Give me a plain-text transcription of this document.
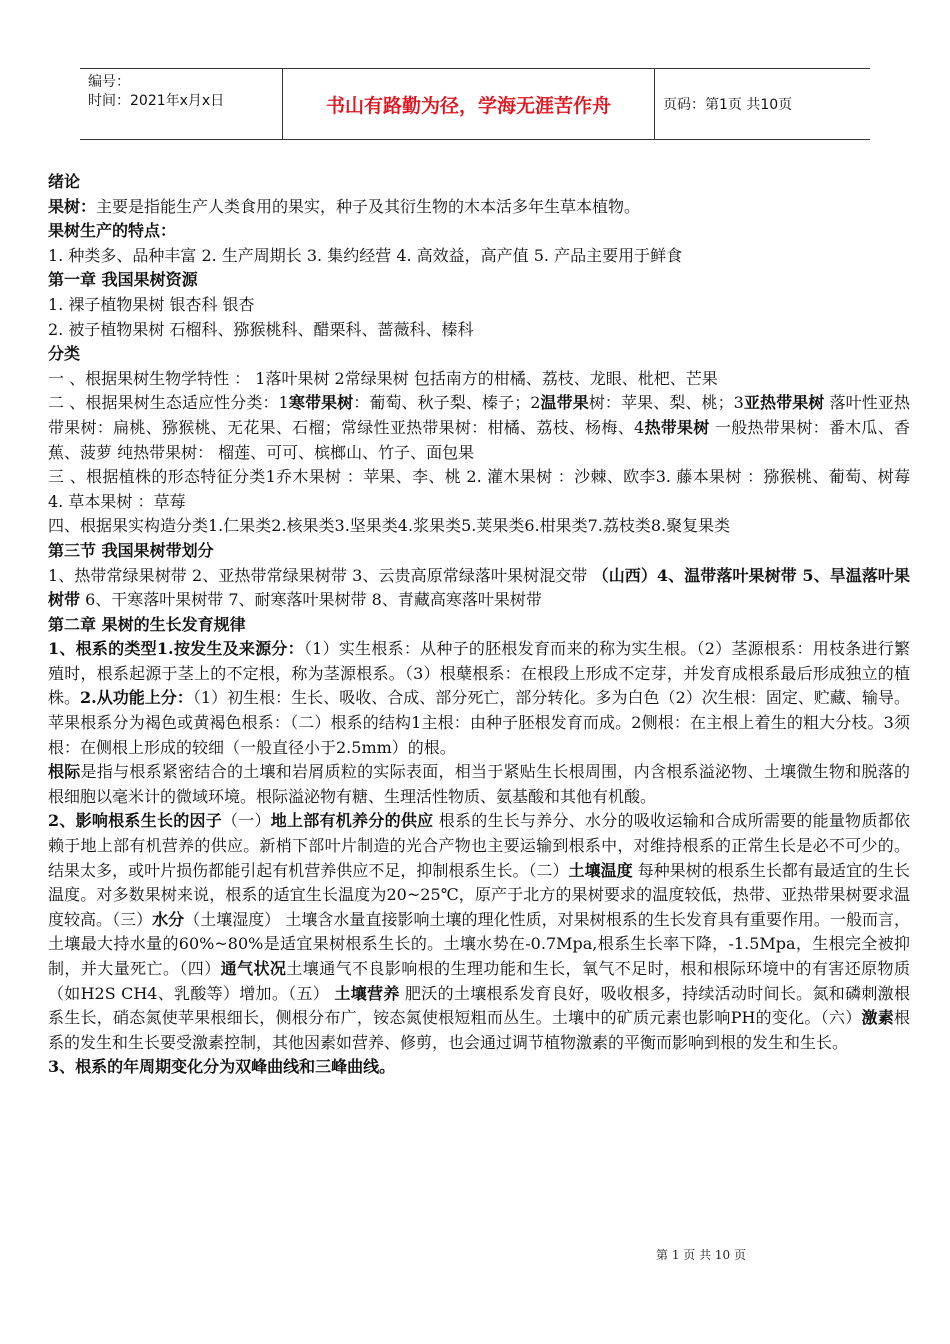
编号：
时间：2021年x月x日	书山有路勤为径，学海无涯苦作舟	页码：第1页 共10页

绪论

果树：主要是指能生产人类食用的果实，种子及其衍生物的木本活多年生草本植物。

果树生产的特点：

1. 种类多、品种丰富 2. 生产周期长 3. 集约经营 4. 高效益，高产值 5. 产品主要用于鲜食

第一章 我国果树资源

1. 裸子植物果树 银杏科 银杏

2. 被子植物果树 石榴科、猕猴桃科、醋栗科、蔷薇科、榛科

分类

一 、根据果树生物学特性 ： 1落叶果树 2常绿果树 包括南方的柑橘、荔枝、龙眼、枇杷、芒果

二 、根据果树生态适应性分类：1寒带果树：葡萄、秋子梨、榛子；2温带果树：苹果、梨、桃；3亚热带果树 落叶性亚热带果树：扁桃、猕猴桃、无花果、石榴；常绿性亚热带果树：柑橘、荔枝、杨梅、4热带果树 一般热带果树：番木瓜、香蕉、菠萝 纯热带果树： 榴莲、可可、槟榔山、竹子、面包果

三 、根据植株的形态特征分类1乔木果树 ：苹果、李、桃 2. 灌木果树 ：沙棘、欧李3. 藤本果树 ：猕猴桃、葡萄、树莓 4. 草本果树 ：草莓

四、根据果实构造分类1.仁果类2.核果类3.坚果类4.浆果类5.荚果类6.柑果类7.荔枝类8.聚复果类

第三节 我国果树带划分

1、热带常绿果树带 2、亚热带常绿果树带 3、云贵高原常绿落叶果树混交带 （山西）4、温带落叶果树带 5、旱温落叶果树带 6、干寒落叶果树带 7、耐寒落叶果树带 8、青藏高寒落叶果树带

第二章 果树的生长发育规律

1、根系的类型1.按发生及来源分：（1）实生根系：从种子的胚根发育而来的称为实生根。（2）茎源根系：用枝条进行繁殖时，根系起源于茎上的不定根，称为茎源根系。（3）根蘖根系：在根段上形成不定芽，并发育成根系最后形成独立的植株。2.从功能上分：（1）初生根：生长、吸收、合成、部分死亡，部分转化。多为白色（2）次生根：固定、贮藏、输导。苹果根系分为褐色或黄褐色根系：（二）根系的结构1主根：由种子胚根发育而成。2侧根：在主根上着生的粗大分枝。3须根：在侧根上形成的较细（一般直径小于2.5mm）的根。

根际是指与根系紧密结合的土壤和岩屑质粒的实际表面，相当于紧贴生长根周围，内含根系溢泌物、土壤微生物和脱落的根细胞以毫米计的微域环境。根际溢泌物有糖、生理活性物质、氨基酸和其他有机酸。

2、影响根系生长的因子（一）地上部有机养分的供应 根系的生长与养分、水分的吸收运输和合成所需要的能量物质都依赖于地上部有机营养的供应。新梢下部叶片制造的光合产物也主要运输到根系中，对维持根系的正常生长是必不可少的。 结果太多，或叶片损伤都能引起有机营养供应不足，抑制根系生长。（二）土壤温度 每种果树的根系生长都有最适宜的生长温度。对多数果树来说，根系的适宜生长温度为20~25℃，原产于北方的果树要求的温度较低，热带、亚热带果树要求温度较高。（三）水分（土壤湿度） 土壤含水量直接影响土壤的理化性质，对果树根系的生长发育具有重要作用。一般而言，土壤最大持水量的60%~80%是适宜果树根系生长的。土壤水势在-0.7Mpa,根系生长率下降，-1.5Mpa，生根完全被抑制，并大量死亡。（四）通气状况土壤通气不良影响根的生理功能和生长，氧气不足时，根和根际环境中的有害还原物质（如H2S CH4、乳酸等）增加。（五） 土壤营养 肥沃的土壤根系发育良好，吸收根多，持续活动时间长。氮和磷刺激根系生长，硝态氮使苹果根细长，侧根分布广，铵态氮使根短粗而丛生。土壤中的矿质元素也影响PH的变化。（六）激素根系的发生和生长要受激素控制，其他因素如营养、修剪，也会通过调节植物激素的平衡而影响到根的发生和生长。

3、根系的年周期变化分为双峰曲线和三峰曲线。

第 1 页 共 10 页
